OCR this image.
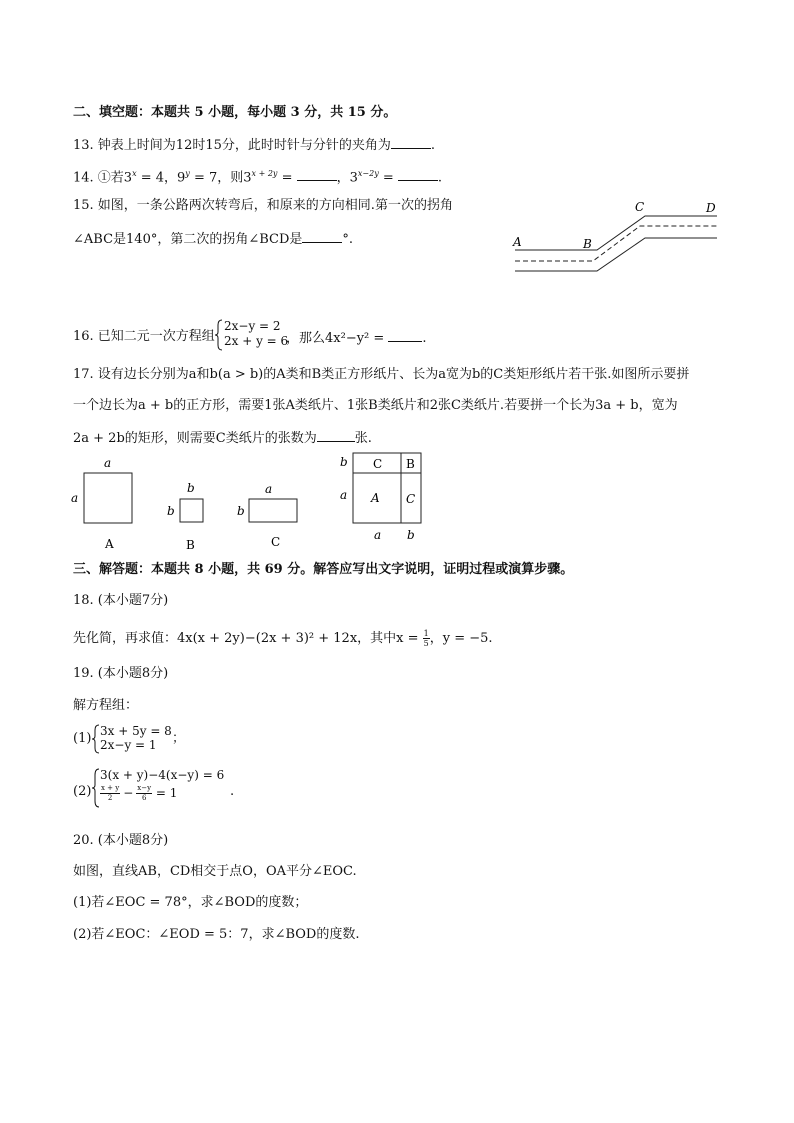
二、填空题：本题共 5 小题，每小题 3 分，共 15 分。
13. 钟表上时间为12时15分，此时时针与分针的夹角为	.
14. ①若$3^x = 4$，$9^y = 7$，则$3^{x + 2y}$ =	，$3^{x-2y}$ =	.
15. 如图，一条公路两次转弯后，和原来的方向相同.第一次的拐角
∠ABC是140°，第二次的拐角∠BCD是	°.	A	B
C	D
16. 已知二元一次方程组
2x−y = 2
2x + y = 6
，那么4x²−y² =	.
17. 设有边长分别为a和b(a > b)的A类和B类正方形纸片、长为a宽为b的C类矩形纸片若干张.如图所示要拼
一个边长为a + b的正方形，需要1张A类纸片、1张B类纸片和2张C类纸片.若要拼一个长为3a + b，宽为
2a + 2b的矩形，则需要C类纸片的张数为	张.
a
a
A
b
b
B
a
b
C
C B
A C
b
a
a b
三、解答题：本题共 8 小题，共 69 分。解答应写出文字说明，证明过程或演算步骤。
18. (本小题7分)
先化简，再求值：4x(x + 2y)−(2x + 3)² + 12x，其中$x = \frac{1}{5}$ ，y = −5.
19. (本小题8分)
解方程组：
(1) 3x + 5y = 8
2x−y = 1 ；
(2)
3(x + y)−4(x−y) = 6
$\frac{x + y}{2} - \frac{x-y}{6} = 1$	.
20. (本小题8分)
如图，直线AB，CD相交于点O，OA平分∠EOC.
(1)若∠EOC = 78°，求∠BOD的度数；
(2)若∠EOC：∠EOD = 5：7，求∠BOD的度数.
